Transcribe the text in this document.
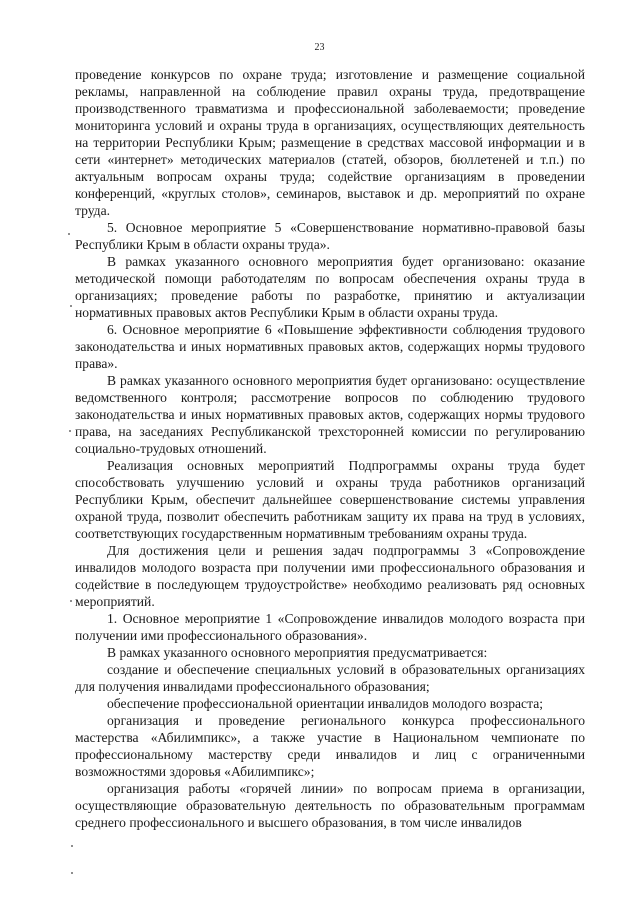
23

проведение конкурсов по охране труда; изготовление и размещение социальной рекламы, направленной на соблюдение правил охраны труда, предотвращение производственного травматизма и профессиональной заболеваемости; проведение мониторинга условий и охраны труда в организациях, осуществляющих деятельность на территории Республики Крым; размещение в средствах массовой информации и в сети «интернет» методических материалов (статей, обзоров, бюллетеней и т.п.) по актуальным вопросам охраны труда; содействие организациям в проведении конференций, «круглых столов», семинаров, выставок и др. мероприятий по охране труда.

5. Основное мероприятие 5 «Совершенствование нормативно-правовой базы Республики Крым в области охраны труда».

В рамках указанного основного мероприятия будет организовано: оказание методической помощи работодателям по вопросам обеспечения охраны труда в организациях; проведение работы по разработке, принятию и актуализации нормативных правовых актов Республики Крым в области охраны труда.

6. Основное мероприятие 6 «Повышение эффективности соблюдения трудового законодательства и иных нормативных правовых актов, содержащих нормы трудового права».

В рамках указанного основного мероприятия будет организовано: осуществление ведомственного контроля; рассмотрение вопросов по соблюдению трудового законодательства и иных нормативных правовых актов, содержащих нормы трудового права, на заседаниях Республиканской трехсторонней комиссии по регулированию социально-трудовых отношений.

Реализация основных мероприятий Подпрограммы охраны труда будет способствовать улучшению условий и охраны труда работников организаций Республики Крым, обеспечит дальнейшее совершенствование системы управления охраной труда, позволит обеспечить работникам защиту их права на труд в условиях, соответствующих государственным нормативным требованиям охраны труда.

Для достижения цели и решения задач подпрограммы 3 «Сопровождение инвалидов молодого возраста при получении ими профессионального образования и содействие в последующем трудоустройстве» необходимо реализовать ряд основных мероприятий.

1. Основное мероприятие 1 «Сопровождение инвалидов молодого возраста при получении ими профессионального образования».

В рамках указанного основного мероприятия предусматривается:

создание и обеспечение специальных условий в образовательных организациях для получения инвалидами профессионального образования;

обеспечение профессиональной ориентации инвалидов молодого возраста;

организация и проведение регионального конкурса профессионального мастерства «Абилимпикс», а также участие в Национальном чемпионате по профессиональному мастерству среди инвалидов и лиц с ограниченными возможностями здоровья «Абилимпикс»;

организация работы «горячей линии» по вопросам приема в организации, осуществляющие образовательную деятельность по образовательным программам среднего профессионального и высшего образования, в том числе инвалидов
